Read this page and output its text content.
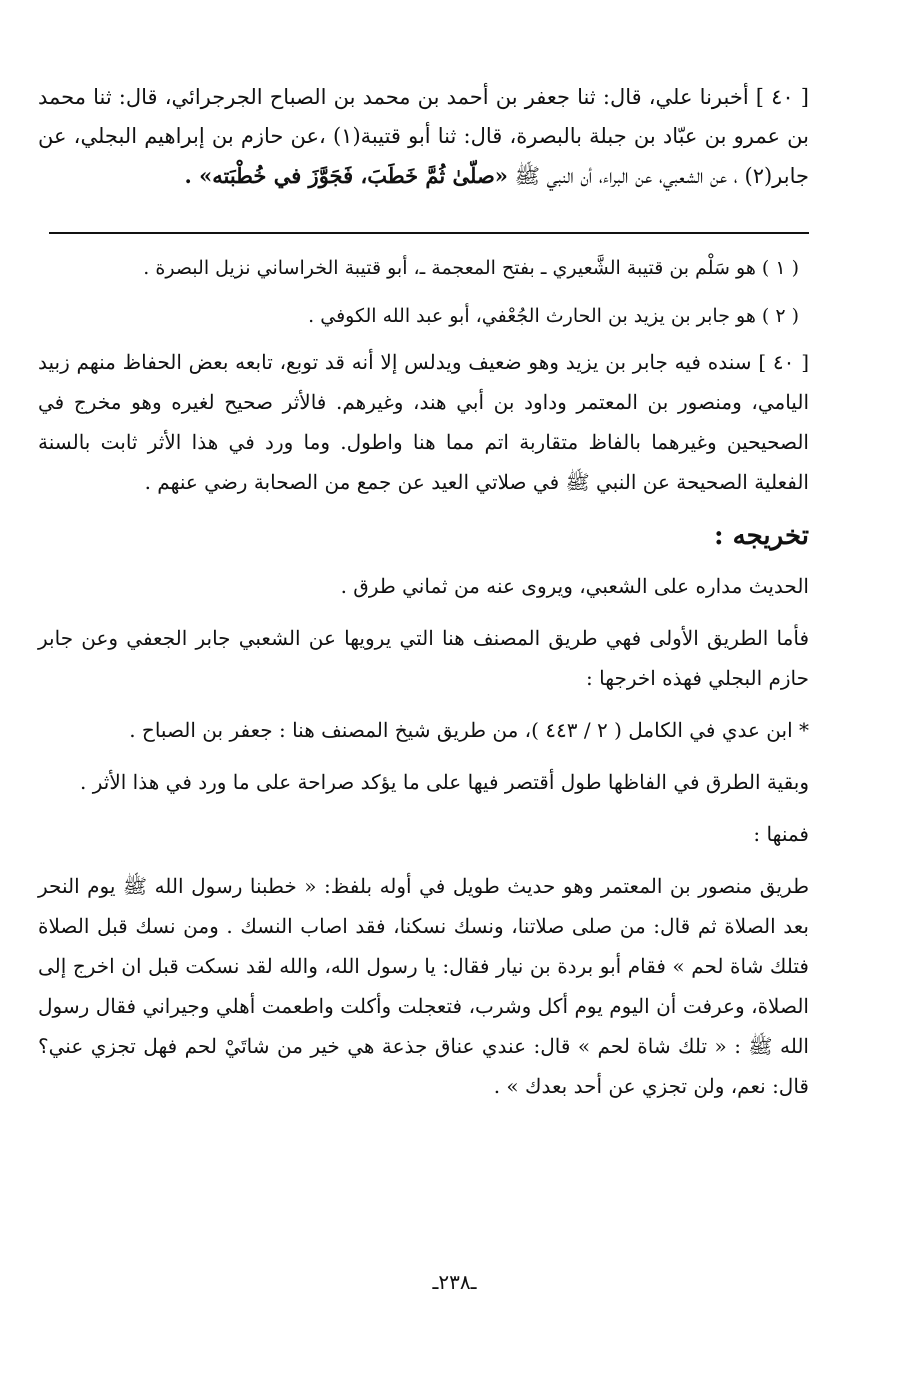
[ ٤٠ ] أخبرنا علي، قال: ثنا جعفر بن أحمد بن محمد بن الصباح الجرجرائي، قال: ثنا محمد بن عمرو بن عبّاد بن جبلة بالبصرة، قال: ثنا أبو قتيبة(١) ،عن حازم بن إبراهيم البجلي، عن جابر(٢) ، عن الشعبي، عن البراء، أن النبي ﷺ «صلّىٰ ثُمَّ خَطَبَ، فَجَوَّزَ في خُطْبَته» .

( ١ ) هو سَلْم بن قتيبة الشَّعيري ـ بفتح المعجمة ـ، أبو قتيبة الخراساني نزيل البصرة .

( ٢ ) هو جابر بن يزيد بن الحارث الجُعْفي، أبو عبد الله الكوفي .

[ ٤٠ ] سنده فيه جابر بن يزيد وهو ضعيف ويدلس إلا أنه قد توبع، تابعه بعض الحفاظ منهم زبيد اليامي، ومنصور بن المعتمر وداود بن أبي هند، وغيرهم. فالأثر صحيح لغيره وهو مخرج في الصحيحين وغيرهما بالفاظ متقاربة اتم مما هنا واطول. وما ورد في هذا الأثر ثابت بالسنة الفعلية الصحيحة عن النبي ﷺ في صلاتي العيد عن جمع من الصحابة رضي عنهم .

تخريجه :

الحديث مداره على الشعبي، ويروى عنه من ثماني طرق .

فأما الطريق الأولى فهي طريق المصنف هنا التي يرويها عن الشعبي جابر الجعفي وعن جابر حازم البجلي فهذه اخرجها :

* ابن عدي في الكامل ( ٢ / ٤٤٣ )، من طريق شيخ المصنف هنا : جعفر بن الصباح .

وبقية الطرق في الفاظها طول أقتصر فيها على ما يؤكد صراحة على ما ورد في هذا الأثر .

فمنها :

طريق منصور بن المعتمر وهو حديث طويل في أوله بلفظ: « خطبنا رسول الله ﷺ يوم النحر بعد الصلاة ثم قال: من صلى صلاتنا، ونسك نسكنا، فقد اصاب النسك . ومن نسك قبل الصلاة فتلك شاة لحم » فقام أبو بردة بن نيار فقال: يا رسول الله، والله لقد نسكت قبل ان اخرج إلى الصلاة، وعرفت أن اليوم يوم أكل وشرب، فتعجلت وأكلت واطعمت أهلي وجيراني فقال رسول الله ﷺ : « تلك شاة لحم » قال: عندي عناق جذعة هي خير من شاتَيْ لحم فهل تجزي عني؟ قال: نعم، ولن تجزي عن أحد بعدك » .

ـ٢٣٨ـ
